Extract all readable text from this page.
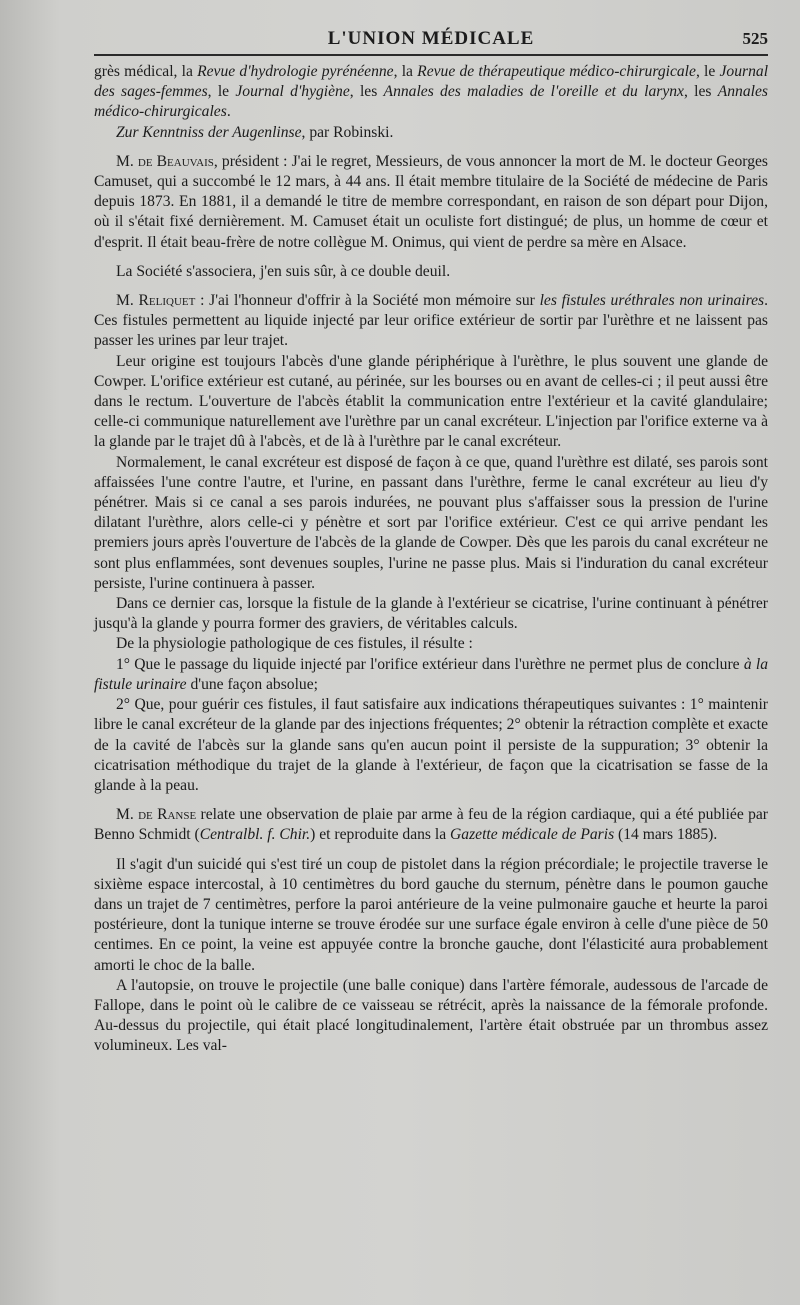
L'UNION MÉDICALE	525

grès médical, la Revue d'hydrologie pyrénéenne, la Revue de thérapeutique médico-chirurgicale, le Journal des sages-femmes, le Journal d'hygiène, les Annales des maladies de l'oreille et du larynx, les Annales médico-chirurgicales.

Zur Kenntniss der Augenlinse, par Robinski.

M. de Beauvais, président : J'ai le regret, Messieurs, de vous annoncer la mort de M. le docteur Georges Camuset, qui a succombé le 12 mars, à 44 ans. Il était membre titulaire de la Société de médecine de Paris depuis 1873. En 1881, il a demandé le titre de membre correspondant, en raison de son départ pour Dijon, où il s'était fixé dernièrement. M. Camuset était un oculiste fort distingué; de plus, un homme de cœur et d'esprit. Il était beau-frère de notre collègue M. Onimus, qui vient de perdre sa mère en Alsace.

La Société s'associera, j'en suis sûr, à ce double deuil.

M. Reliquet : J'ai l'honneur d'offrir à la Société mon mémoire sur les fistules uréthrales non urinaires. Ces fistules permettent au liquide injecté par leur orifice extérieur de sortir par l'urèthre et ne laissent pas passer les urines par leur trajet.

Leur origine est toujours l'abcès d'une glande périphérique à l'urèthre, le plus souvent une glande de Cowper. L'orifice extérieur est cutané, au périnée, sur les bourses ou en avant de celles-ci ; il peut aussi être dans le rectum. L'ouverture de l'abcès établit la communication entre l'extérieur et la cavité glandulaire; celle-ci communique naturellement ave l'urèthre par un canal excréteur. L'injection par l'orifice externe va à la glande par le trajet dû à l'abcès, et de là à l'urèthre par le canal excréteur.

Normalement, le canal excréteur est disposé de façon à ce que, quand l'urèthre est dilaté, ses parois sont affaissées l'une contre l'autre, et l'urine, en passant dans l'urèthre, ferme le canal excréteur au lieu d'y pénétrer. Mais si ce canal a ses parois indurées, ne pouvant plus s'affaisser sous la pression de l'urine dilatant l'urèthre, alors celle-ci y pénètre et sort par l'orifice extérieur. C'est ce qui arrive pendant les premiers jours après l'ouverture de l'abcès de la glande de Cowper. Dès que les parois du canal excréteur ne sont plus enflammées, sont devenues souples, l'urine ne passe plus. Mais si l'induration du canal excréteur persiste, l'urine continuera à passer.

Dans ce dernier cas, lorsque la fistule de la glande à l'extérieur se cicatrise, l'urine continuant à pénétrer jusqu'à la glande y pourra former des graviers, de véritables calculs.

De la physiologie pathologique de ces fistules, il résulte :

1° Que le passage du liquide injecté par l'orifice extérieur dans l'urèthre ne permet plus de conclure à la fistule urinaire d'une façon absolue;

2° Que, pour guérir ces fistules, il faut satisfaire aux indications thérapeutiques suivantes : 1° maintenir libre le canal excréteur de la glande par des injections fréquentes; 2° obtenir la rétraction complète et exacte de la cavité de l'abcès sur la glande sans qu'en aucun point il persiste de la suppuration; 3° obtenir la cicatrisation méthodique du trajet de la glande à l'extérieur, de façon que la cicatrisation se fasse de la glande à la peau.

M. de Ranse relate une observation de plaie par arme à feu de la région cardiaque, qui a été publiée par Benno Schmidt (Centralbl. f. Chir.) et reproduite dans la Gazette médicale de Paris (14 mars 1885).

Il s'agit d'un suicidé qui s'est tiré un coup de pistolet dans la région précordiale; le projectile traverse le sixième espace intercostal, à 10 centimètres du bord gauche du sternum, pénètre dans le poumon gauche dans un trajet de 7 centimètres, perfore la paroi antérieure de la veine pulmonaire gauche et heurte la paroi postérieure, dont la tunique interne se trouve érodée sur une surface égale environ à celle d'une pièce de 50 centimes. En ce point, la veine est appuyée contre la bronche gauche, dont l'élasticité aura probablement amorti le choc de la balle.

A l'autopsie, on trouve le projectile (une balle conique) dans l'artère fémorale, audessous de l'arcade de Fallope, dans le point où le calibre de ce vaisseau se rétrécit, après la naissance de la fémorale profonde. Au-dessus du projectile, qui était placé longitudinalement, l'artère était obstruée par un thrombus assez volumineux. Les val-
